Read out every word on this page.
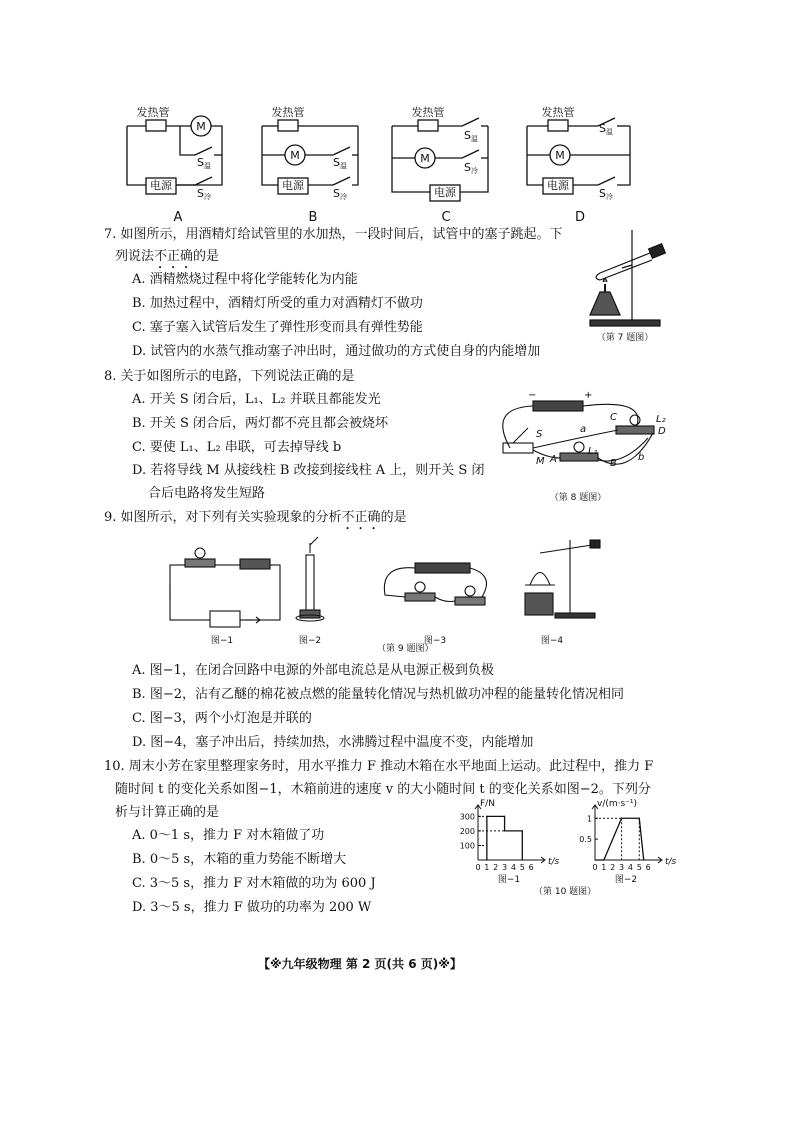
发热管	发热管	发热管	发热管
电源	电源
电源
电源
M
M	M	M
S温
S冷
S温
S冷
S温
S冷
S温
S冷
A	B	C	D
7. 如图所示，用酒精灯给试管里的水加热，一段时间后，试管中的塞子跳起。下
列说法不正确的是
A. 酒精燃烧过程中将化学能转化为内能
B. 加热过程中，酒精灯所受的重力对酒精灯不做功
C. 塞子塞入试管后发生了弹性形变而具有弹性势能
D. 试管内的水蒸气推动塞子冲出时，通过做功的方式使自身的内能增加
（第 7 题图）
8. 关于如图所示的电路，下列说法正确的是
A. 开关 S 闭合后，L₁、L₂ 并联且都能发光
B. 开关 S 闭合后，两灯都不亮且都会被烧坏
C. 要使 L₁、L₂ 串联，可去掉导线 b
D. 若将导线 M 从接线柱 B 改接到接线柱 A 上，则开关 S 闭
合后电路将发生短路
S
C	L₂
D
a
A
M
L₁
B
b
−	+
（第 8 题图）
9. 如图所示，对下列有关实验现象的分析不正确的是
图−1	图−2	图−3	图−4
（第 9 题图）
A. 图−1，在闭合回路中电源的外部电流总是从电源正极到负极
B. 图−2，沾有乙醚的棉花被点燃的能量转化情况与热机做功冲程的能量转化情况相同
C. 图−3，两个小灯泡是并联的
D. 图−4，塞子冲出后，持续加热，水沸腾过程中温度不变，内能增加
10. 周末小芳在家里整理家务时，用水平推力 F 推动木箱在水平地面上运动。此过程中，推力 F
随时间 t 的变化关系如图−1，木箱前进的速度 v 的大小随时间 t 的变化关系如图−2。下列分
析与计算正确的是
A. 0～1 s，推力 F 对木箱做了功
B. 0～5 s，木箱的重力势能不断增大
C. 3～5 s，推力 F 对木箱做的功为 600 J
D. 3～5 s，推力 F 做功的功率为 200 W
t/s
F/N
0 1 2 3 4 5 6
100
200
300
图−1
t/s
v/(m·s⁻¹)
0 1 2 3 4 5 6
0.5
1
图−2
（第 10 题图）
【※九年级物理 第 2 页(共 6 页)※】
